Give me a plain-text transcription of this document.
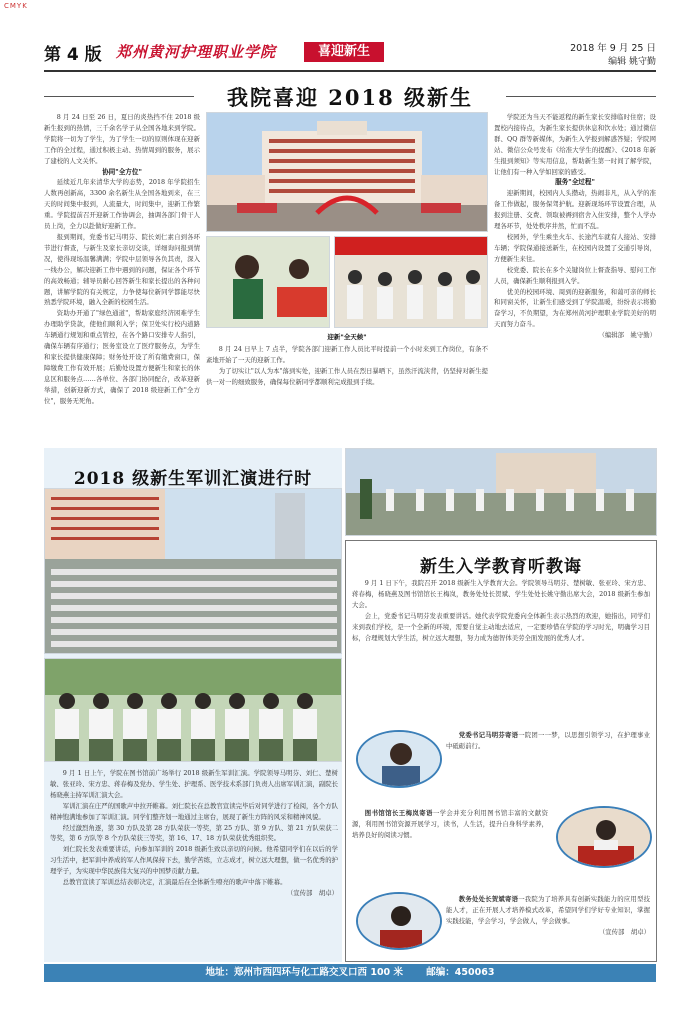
CMYK
第 4 版 郑州黄河护理职业学院	喜迎新生	2018 年 9 月 25 日
编辑 姚守勤
我院喜迎 2018 级新生

8 月 24 日至 26 日，夏日的炎热挡不住 2018 级新生报到的热情，三千余名学子从全国各地来到学院。学院将一切为了学生，为了学生一切的原则体现在迎新工作的全过程，通过积极主动、热情周到的服务，展示了建校的人文关怀。

协同"全方位"

延续近几年来清华大学的态势，2018 年学院招生人数再创新高，3300 余名新生从全国各地到来，在三天的时间集中报到，人流量大，时间集中，迎新工作繁重。学院提前召开迎新工作协调会，抽调各部门骨干人员上岗，全力以赴做好迎新工作。

报到期间，党委书记马明芬、院长刘仁素自到各环节进行督查，与新生及家长亲切交谈，详细询问报到情况，使得现场温馨满满；学院中层领导各负其责，深入一线办公，解决迎新工作中遇到的问题，保证各个环节的高效畅通；辅导员耐心回答新生和家长提出的各种问题，讲解学院的有关规定，力争使每位新同学都能尽快熟悉学院环境，融入全新的校园生活。

资助办开通了"绿色通道"，帮助家庭经济困难学生办理助学贷款，使他们顺利入学；保卫处实行校内道路车辆通行规划和重点管控，在各个路口安排专人指引，确保车辆有序通行；医务室设立了医疗服务点，为学生和家长提供健康保障；财务处开设了所有缴费窗口，保障缴费工作有效开展；后勤处设置方便新生和家长的休息区和服务点……各单位、各部门协同配合，改革迎新举措，创新迎新方式，确保了 2018 级迎新工作"全方位"，服务无死角。

学院还为当天不能返程的新生家长安排临时住宿；设置校内接待点，为新生家长提供休息和饮水处；通过微信群、QQ 群等新媒体，为新生入学报到解惑答疑；学院网站、微信公众号发布《给准大学生的提醒》、《2018 年新生报到须知》等实用信息，帮助新生第一时间了解学院，让他们有一种入学如回家的感受。

服务"全过程"

迎新期间，校园内人头攒动，热闹非凡，从入学的准备工作做起，服务保驾护航。迎新现场环节设置合理，从报到注册、交费、领取被褥到宿舍入住安排，整个人学办理各环节，处处秩序井然，忙而不乱。

校园外，学生乘坐火车、长途汽车就有人接站、安排车辆；学院保通接送新生，在校园内设置了交通引导岗，方便新生来往。

校党委、院长在多个关键岗位上督查指导、慰问工作人员，确保新生顺利报到入学。

优美的校园环境、周到的迎新服务，和蔼可亲的师长和同窗关怀，让新生们感受到了学院温暖，纷纷表示将勤奋学习，不负期望，为在郑州黄河护理职业学院美好的明天而努力奋斗。

（编辑部　姚守勤）

迎新"全天候"

8 月 24 日早上 7 点半，学院各部门迎新工作人员比平时提前一个小时来到工作岗位，有条不紊地开始了一天的迎新工作。

为了切实让"以人为本"落到实处，迎新工作人员在烈日暴晒下，虽然汗流浃背，仍坚持对新生提供一对一的细致服务，确保每位新同学都顺利完成报到手续。

2018 级新生军训汇演进行时

9 月 1 日上午，学院在图书馆前广场举行 2018 级新生军训汇演。学院领导马明芬、刘仁、楚树敏、张亚玲、宋方忠、蒋春梅及党办、学生处、护理系、医学技术系部门负责人出席军训汇演，副院长杨晓燕主持军训汇演大会。

军训汇演在庄严的国歌声中拉开帷幕。刘仁院长在总教官宣读完毕后对同学进行了检阅，各个方队精神饱满地参加了军训汇演。同学们整齐划一地通过主席台，展现了新生方阵的风采和精神风貌。

经过激烈角逐，第 30 方队及第 28 方队荣获一等奖，第 25 方队、第 9 方队、第 21 方队荣获二等奖，第 6 方队等 8 个方队荣获三等奖，第 16、17、18 方队荣获优秀组织奖。

刘仁院长发表重要讲话，向参加军训的 2018 级新生致以亲切的问候。他希望同学们在以后的学习生活中，把军训中养成的军人作风保持下去，勤学苦练，立志成才，树立远大理想，做一名优秀的护理学子，为实现中华民族伟大复兴的中国梦贡献力量。

总教官宣读了军训总结表彰决定，汇演最后在全体新生嘹亮的歌声中落下帷幕。

（宣传部　胡卓）

新生入学教育听教诲

9 月 1 日下午，我院召开 2018 级新生入学教育大会。学院领导马明芬、楚树敏、张亚玲、宋方忠、蒋春梅，杨晓燕及图书馆馆长王梅岚，教务处处长贺斌、学生处处长姚守勤出席大会，2018 级新生参加大会。

会上，党委书记马明芬发表重要讲话。她代表学院党委向全体新生表示热烈的欢迎，她指出，同学们来到我们学校，是一个全新的环境，需要自觉主动地去适应，一定要珍惜在学院的学习时光，明确学习目标，合理规划大学生活，树立远大理想，努力成为德智体美劳全面发展的优秀人才。

党委书记马明芬寄语一院团一一梦，以思想引领学习，在护理事业中砥砺前行。

图书馆馆长王梅岚寄语一学会并充分利用图书馆丰富的文献资源，利用图书馆资源开展学习，读书，人生活，提升自身科学素养，培养良好的阅读习惯。

教务处处长贺斌寄语一我院为了培养具有创新实践能力的应用型技能人才，正在开展人才培养模式改革，希望同学们学好专业知识，掌握实践技能，学会学习，学会做人，学会做事。

（宣传部　胡卓）

地址：郑州市西四环与化工路交叉口西 100 米 邮编：450063
